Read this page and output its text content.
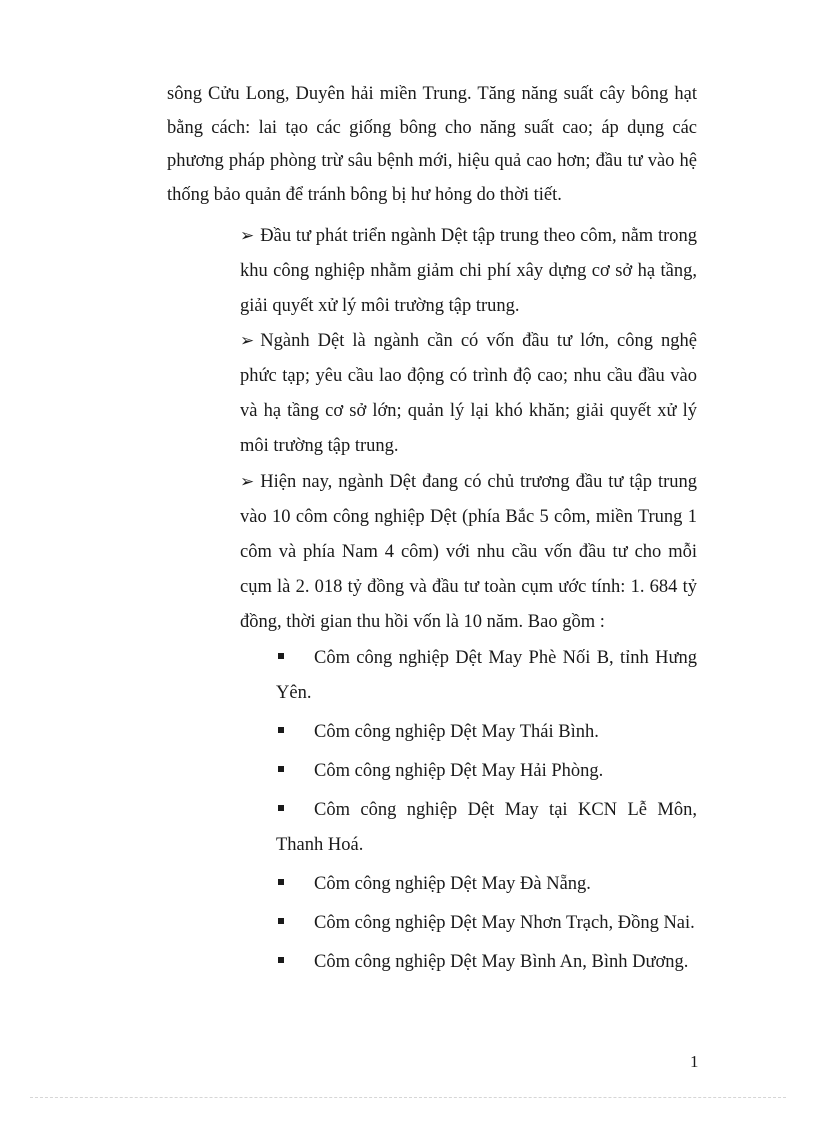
sông Cửu Long, Duyên hải miền Trung. Tăng năng suất cây bông hạt bằng cách: lai tạo các giống bông cho năng suất cao; áp dụng các phương pháp phòng trừ sâu bệnh mới, hiệu quả cao hơn; đầu tư vào hệ thống bảo quản để tránh bông bị hư hỏng do thời tiết.

➢ Đầu tư phát triển ngành Dệt tập trung theo côm, nằm trong khu công nghiệp nhằm giảm chi phí xây dựng cơ sở hạ tầng, giải quyết xử lý môi trường tập trung.
➢ Ngành Dệt là ngành cần có vốn đầu tư lớn, công nghệ phức tạp; yêu cầu lao động có trình độ cao; nhu cầu đầu vào và hạ tầng cơ sở lớn; quản lý lại khó khăn; giải quyết xử lý môi trường tập trung.
➢ Hiện nay, ngành Dệt đang có chủ trương đầu tư tập trung vào 10 côm công nghiệp Dệt (phía Bắc 5 côm, miền Trung 1 côm và phía Nam 4 côm) với nhu cầu vốn đầu tư cho mỗi cụm là 2. 018 tỷ đồng và đầu tư toàn cụm ước tính: 1. 684 tỷ đồng, thời gian thu hồi vốn là 10 năm. Bao gồm :
Côm công nghiệp Dệt May Phè Nối B, tỉnh Hưng Yên.
Côm công nghiệp Dệt May Thái Bình.
Côm công nghiệp Dệt May Hải Phòng.
Côm công nghiệp Dệt May tại KCN Lễ Môn, Thanh Hoá.
Côm công nghiệp Dệt May Đà Nẵng.
Côm công nghiệp Dệt May Nhơn Trạch, Đồng Nai.
Côm công nghiệp Dệt May Bình An, Bình Dương.
1
